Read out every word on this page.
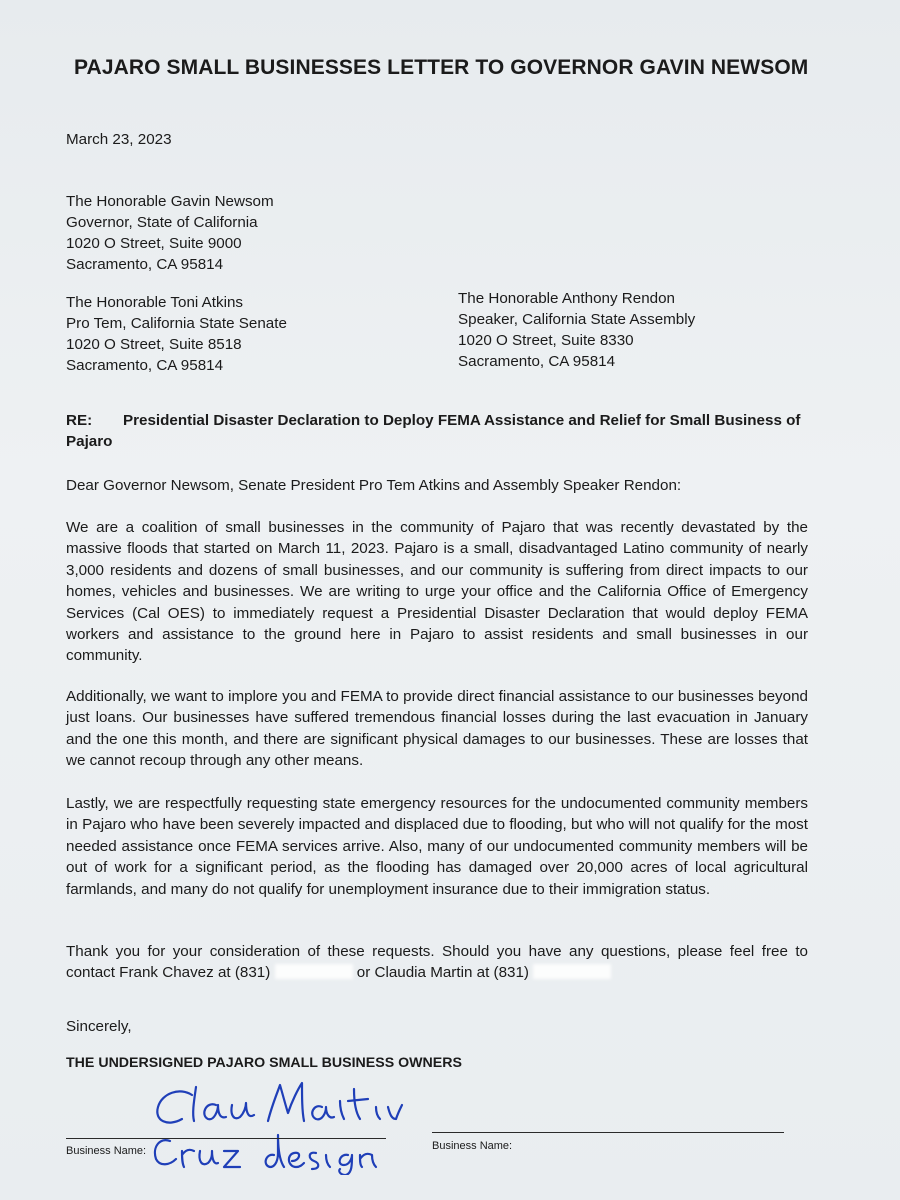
PAJARO SMALL BUSINESSES LETTER TO GOVERNOR GAVIN NEWSOM
March 23, 2023
The Honorable Gavin Newsom
Governor, State of California
1020 O Street, Suite 9000
Sacramento, CA 95814
The Honorable Toni Atkins
Pro Tem, California State Senate
1020 O Street, Suite 8518
Sacramento, CA 95814
The Honorable Anthony Rendon
Speaker, California State Assembly
1020 O Street, Suite 8330
Sacramento, CA 95814
RE: Presidential Disaster Declaration to Deploy FEMA Assistance and Relief for Small Business of Pajaro
Dear Governor Newsom, Senate President Pro Tem Atkins and Assembly Speaker Rendon:
We are a coalition of small businesses in the community of Pajaro that was recently devastated by the massive floods that started on March 11, 2023. Pajaro is a small, disadvantaged Latino community of nearly 3,000 residents and dozens of small businesses, and our community is suffering from direct impacts to our homes, vehicles and businesses. We are writing to urge your office and the California Office of Emergency Services (Cal OES) to immediately request a Presidential Disaster Declaration that would deploy FEMA workers and assistance to the ground here in Pajaro to assist residents and small businesses in our community.
Additionally, we want to implore you and FEMA to provide direct financial assistance to our businesses beyond just loans. Our businesses have suffered tremendous financial losses during the last evacuation in January and the one this month, and there are significant physical damages to our businesses. These are losses that we cannot recoup through any other means.
Lastly, we are respectfully requesting state emergency resources for the undocumented community members in Pajaro who have been severely impacted and displaced due to flooding, but who will not qualify for the most needed assistance once FEMA services arrive. Also, many of our undocumented community members will be out of work for a significant period, as the flooding has damaged over 20,000 acres of local agricultural farmlands, and many do not qualify for unemployment insurance due to their immigration status.
Thank you for your consideration of these requests. Should you have any questions, please feel free to contact Frank Chavez at (831)	or Claudia Martin at (831)
Sincerely,
THE UNDERSIGNED PAJARO SMALL BUSINESS OWNERS
Business Name:	Business Name:
